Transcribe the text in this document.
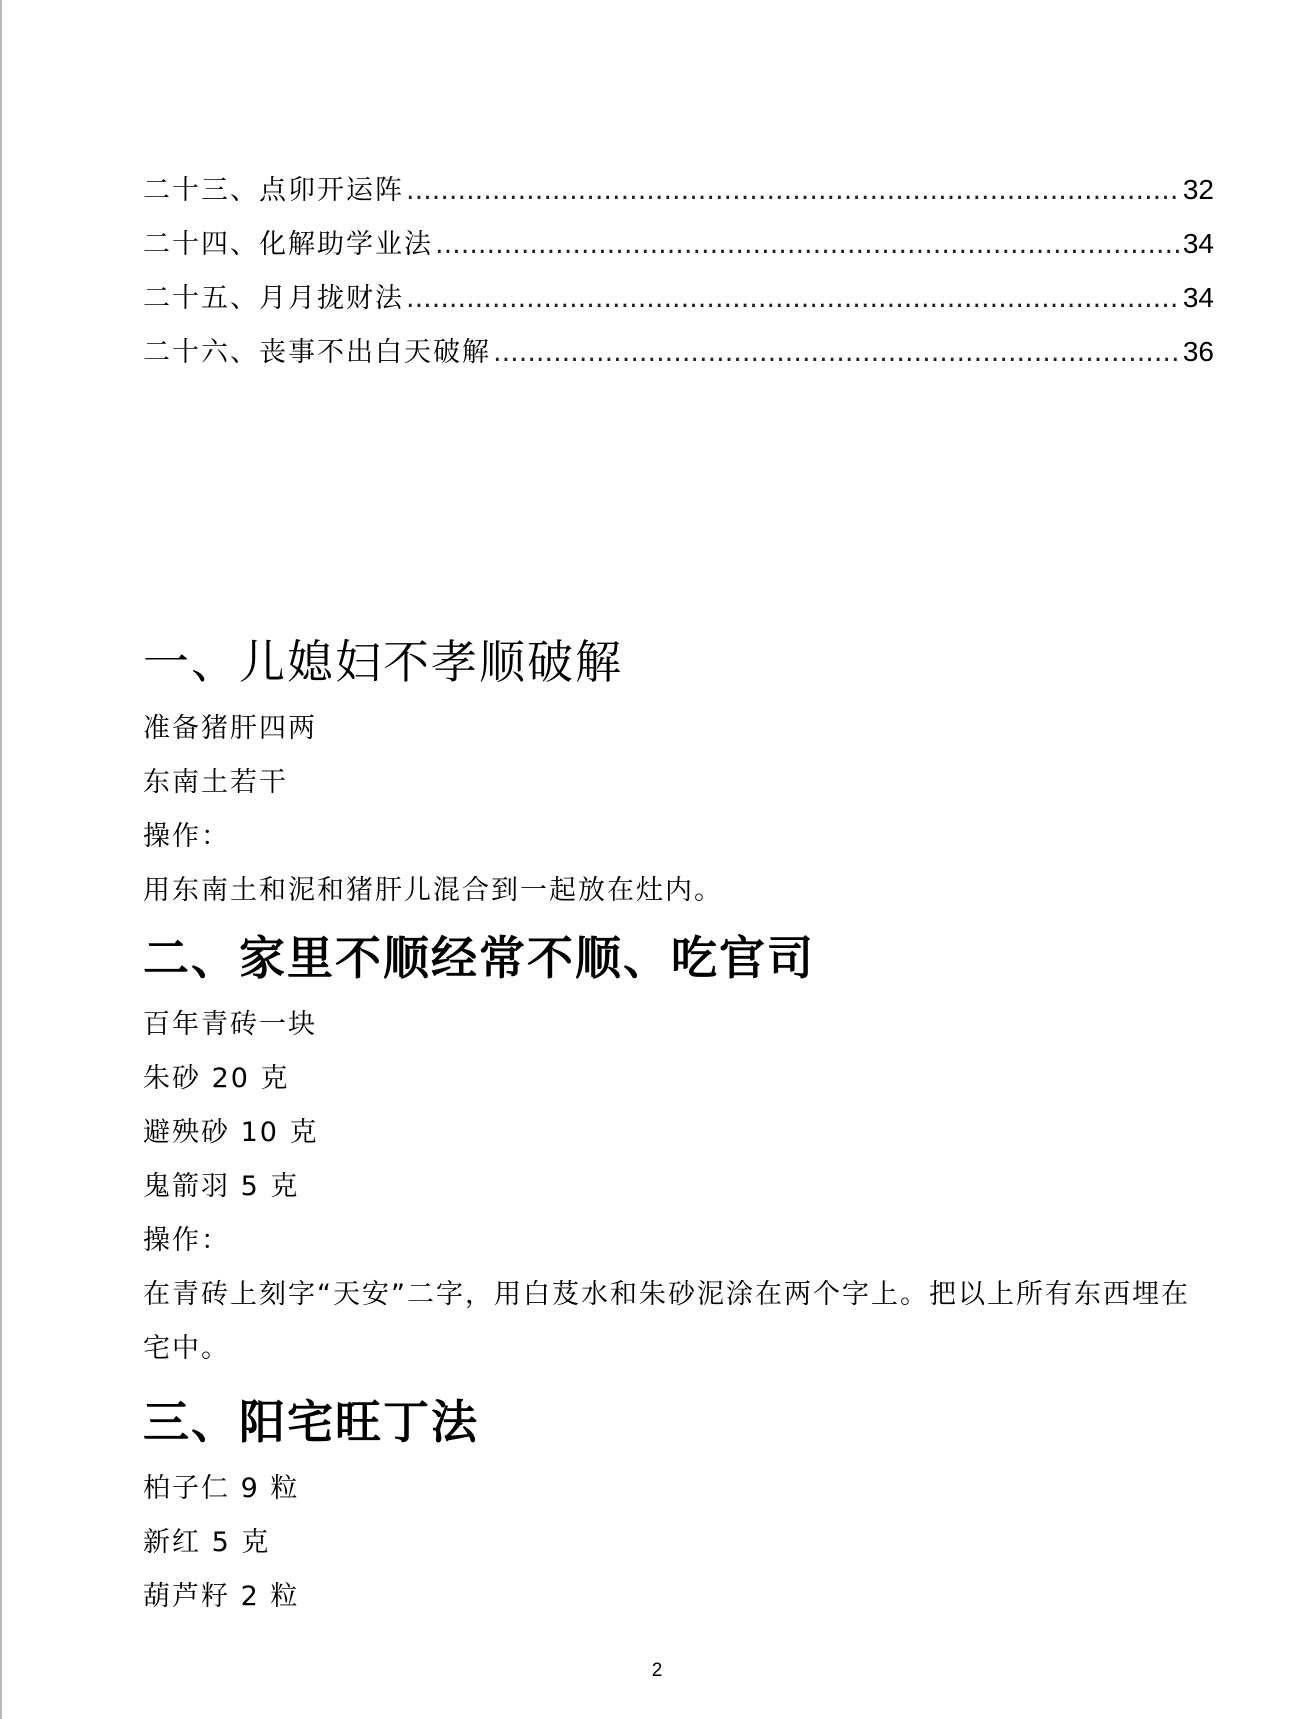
二十三、点卯开运阵 .....	32
二十四、化解助学业法 .....	34
二十五、月月拢财法 .....	34
二十六、丧事不出白天破解 .....	36
一、儿媳妇不孝顺破解
准备猪肝四两
东南土若干
操作：
用东南土和泥和猪肝儿混合到一起放在灶内。
二、家里不顺经常不顺、吃官司
百年青砖一块
朱砂 20 克
避殃砂 10 克
鬼箭羽 5 克
操作：
在青砖上刻字“天安”二字，用白芨水和朱砂泥涂在两个字上。把以上所有东西埋在宅中。
三、阳宅旺丁法
柏子仁 9 粒
新红 5 克
葫芦籽 2 粒
2
